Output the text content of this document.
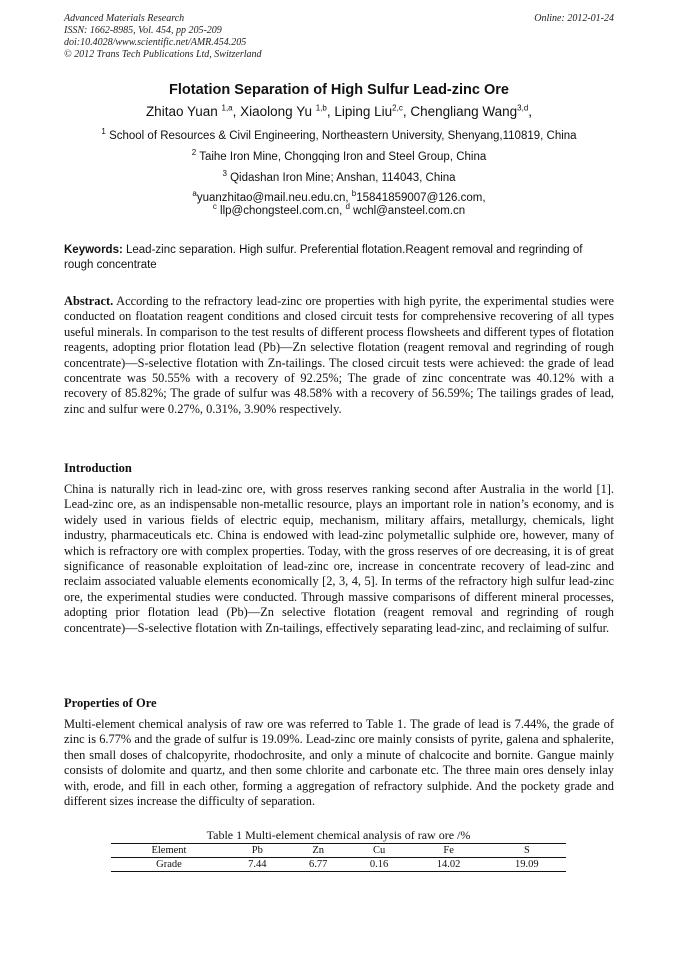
Advanced Materials Research
ISSN: 1662-8985, Vol. 454, pp 205-209
doi:10.4028/www.scientific.net/AMR.454.205
© 2012 Trans Tech Publications Ltd, Switzerland
Online: 2012-01-24
Flotation Separation of High Sulfur Lead-zinc Ore
Zhitao Yuan $^{1,a}$, Xiaolong Yu $^{1,b}$, Liping Liu$^{2,c}$, Chengliang Wang$^{3,d}$,
$^1$ School of Resources & Civil Engineering, Northeastern University, Shenyang,110819, China
$^2$ Taihe Iron Mine, Chongqing Iron and Steel Group, China
$^3$ Qidashan Iron Mine; Anshan, 114043, China
$^a$yuanzhitao@mail.neu.edu.cn, $^b$15841859007@126.com,
$^c$ llp@chongsteel.com.cn, $^d$ wchl@ansteel.com.cn
Keywords: Lead-zinc separation. High sulfur. Preferential flotation.Reagent removal and regrinding of rough concentrate
Abstract. According to the refractory lead-zinc ore properties with high pyrite, the experimental studies were conducted on floatation reagent conditions and closed circuit tests for comprehensive recovering of all types useful minerals. In comparison to the test results of different process flowsheets and different types of flotation reagents, adopting prior flotation lead (Pb)—Zn selective flotation (reagent removal and regrinding of rough concentrate)—S-selective flotation with Zn-tailings. The closed circuit tests were achieved: the grade of lead concentrate was 50.55% with a recovery of 92.25%; The grade of zinc concentrate was 40.12% with a recovery of 85.82%; The grade of sulfur was 48.58% with a recovery of 56.59%; The tailings grades of lead, zinc and sulfur were 0.27%, 0.31%, 3.90% respectively.
Introduction
China is naturally rich in lead-zinc ore, with gross reserves ranking second after Australia in the world [1]. Lead-zinc ore, as an indispensable non-metallic resource, plays an important role in nation’s economy, and is widely used in various fields of electric equip, mechanism, military affairs, metallurgy, chemicals, light industry, pharmaceuticals etc. China is endowed with lead-zinc polymetallic sulphide ore, however, many of which is refractory ore with complex properties. Today, with the gross reserves of ore decreasing, it is of great significance of reasonable exploitation of lead-zinc ore, increase in concentrate recovery of lead-zinc and reclaim associated valuable elements economically [2, 3, 4, 5]. In terms of the refractory high sulfur lead-zinc ore, the experimental studies were conducted. Through massive comparisons of different mineral processes, adopting prior flotation lead (Pb)—Zn selective flotation (reagent removal and regrinding of rough concentrate)—S-selective flotation with Zn-tailings, effectively separating lead-zinc, and reclaiming of sulfur.
Properties of Ore
Multi-element chemical analysis of raw ore was referred to Table 1. The grade of lead is 7.44%, the grade of zinc is 6.77% and the grade of sulfur is 19.09%. Lead-zinc ore mainly consists of pyrite, galena and sphalerite, then small doses of chalcopyrite, rhodochrosite, and only a minute of chalcocite and bornite. Gangue mainly consists of dolomite and quartz, and then some chlorite and carbonate etc. The three main ores densely inlay with, erode, and fill in each other, forming a aggregation of refractory sulphide. And the pockety grade and different sizes increase the difficulty of separation.
Table 1 Multi-element chemical analysis of raw ore /%
Element	Pb	Zn	Cu	Fe	S
Grade	7.44	6.77	0.16	14.02	19.09
